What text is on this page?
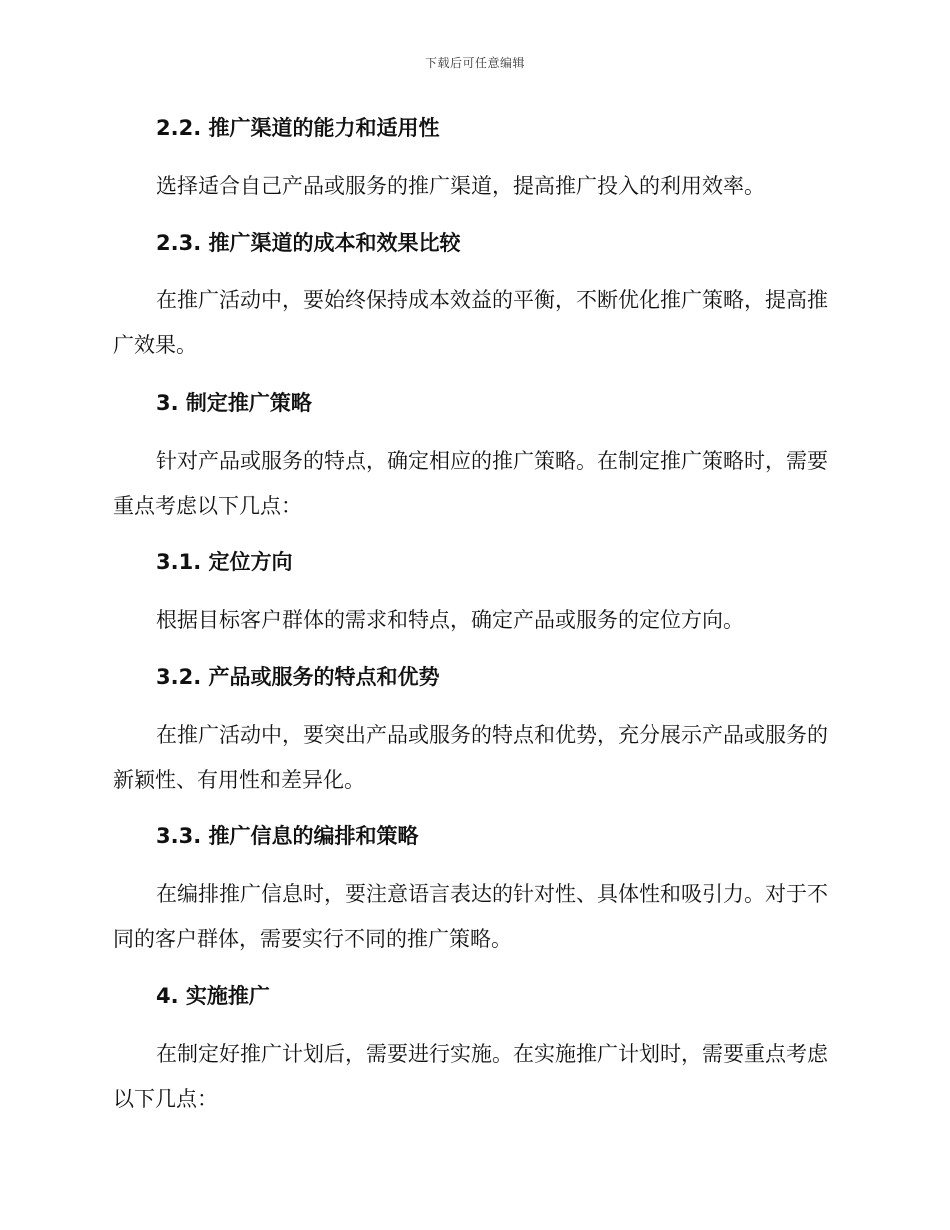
下载后可任意编辑
2.2. 推广渠道的能力和适用性
选择适合自己产品或服务的推广渠道，提高推广投入的利用效率。
2.3. 推广渠道的成本和效果比较
在推广活动中，要始终保持成本效益的平衡，不断优化推广策略，提高推广效果。
3. 制定推广策略
针对产品或服务的特点，确定相应的推广策略。在制定推广策略时，需要重点考虑以下几点：
3.1. 定位方向
根据目标客户群体的需求和特点，确定产品或服务的定位方向。
3.2. 产品或服务的特点和优势
在推广活动中，要突出产品或服务的特点和优势，充分展示产品或服务的新颖性、有用性和差异化。
3.3. 推广信息的编排和策略
在编排推广信息时，要注意语言表达的针对性、具体性和吸引力。对于不同的客户群体，需要实行不同的推广策略。
4. 实施推广
在制定好推广计划后，需要进行实施。在实施推广计划时，需要重点考虑以下几点：
